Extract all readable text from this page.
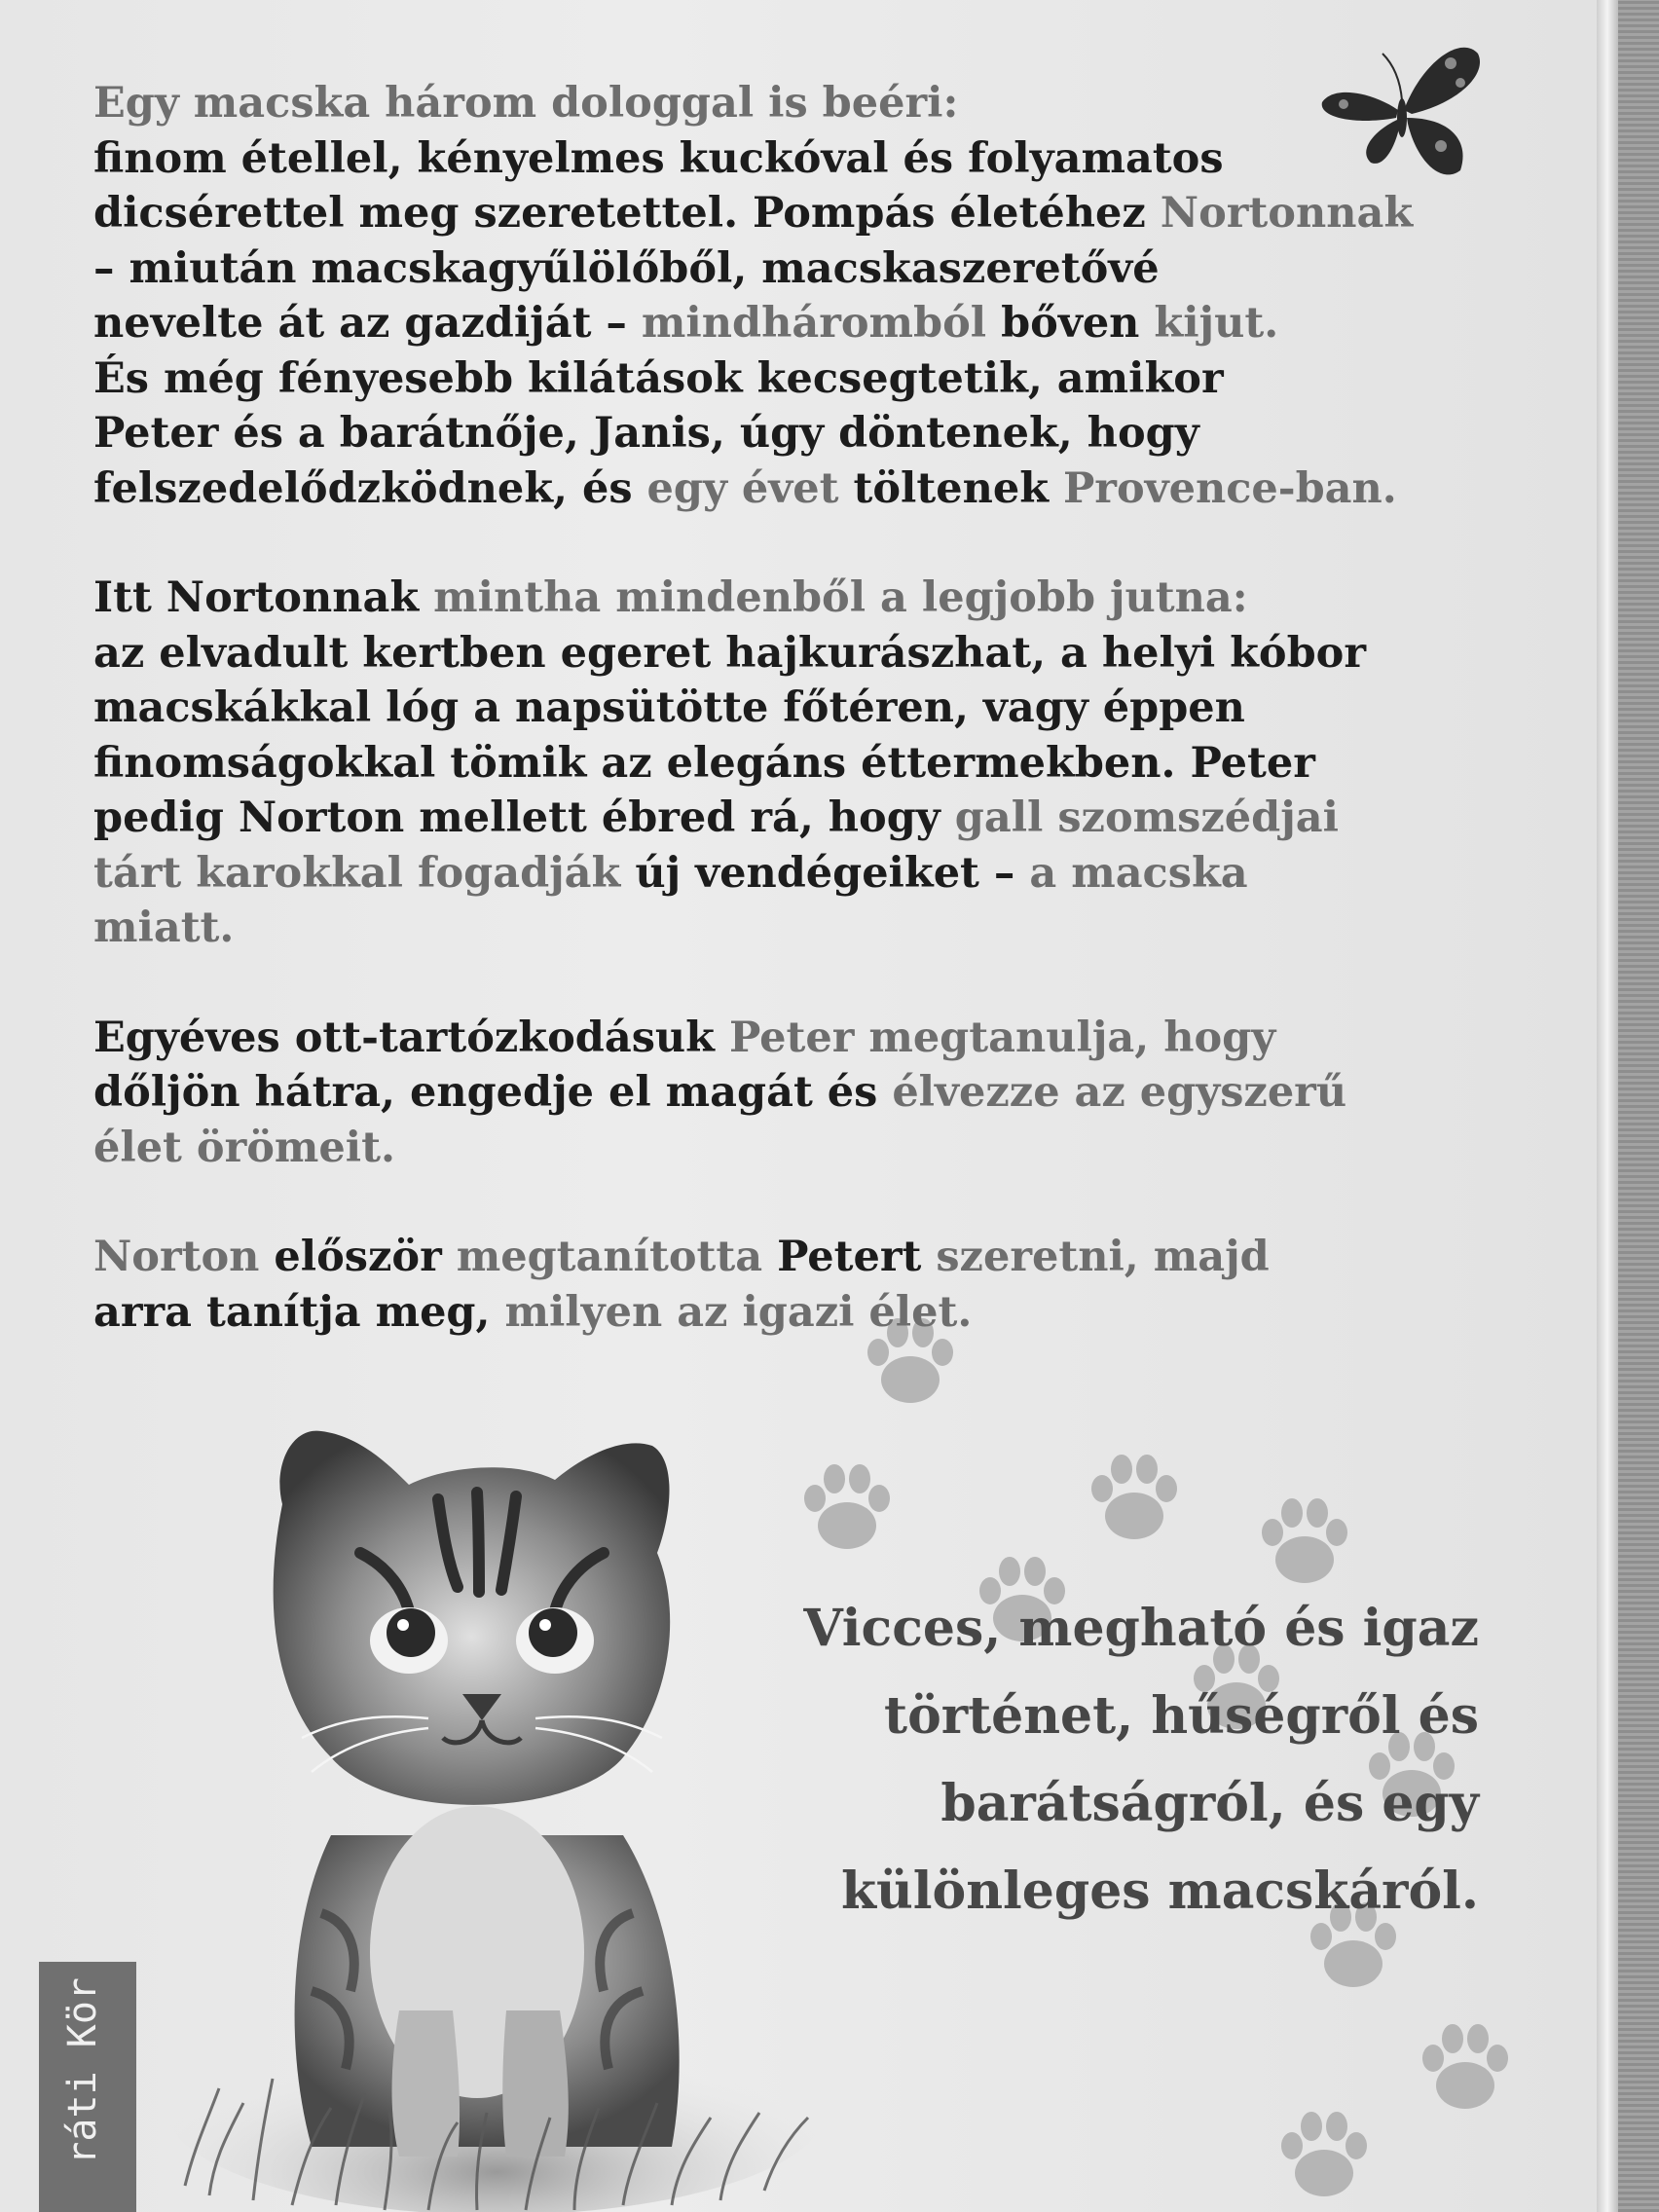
Egy macska három dologgal is beéri:
finom étellel, kényelmes kuckóval és folyamatos
dicsérettel meg szeretettel. Pompás életéhez Nortonnak
– miután macskagyűlölőből, macskaszeretővé
nevelte át az gazdiját – mindháromból bőven kijut.
És még fényesebb kilátások kecsegtetik, amikor
Peter és a barátnője, Janis, úgy döntenek, hogy
felszedelődzködnek, és egy évet töltenek Provence-ban.

Itt Nortonnak mintha mindenből a legjobb jutna:
az elvadult kertben egeret hajkurászhat, a helyi kóbor
macskákkal lóg a napsütötte főtéren, vagy éppen
finomságokkal tömik az elegáns éttermekben. Peter
pedig Norton mellett ébred rá, hogy gall szomszédjai
tárt karokkal fogadják új vendégeiket – a macska
miatt.

Egyéves ott-tartózkodásuk Peter megtanulja, hogy
dőljön hátra, engedje el magát és élvezze az egyszerű
élet örömeit.

Norton először megtanította Petert szeretni, majd
arra tanítja meg, milyen az igazi élet.

Vicces, megható és igaz
történet, hűségről és
barátságról, és egy
különleges macskáról.
ráti Kör
